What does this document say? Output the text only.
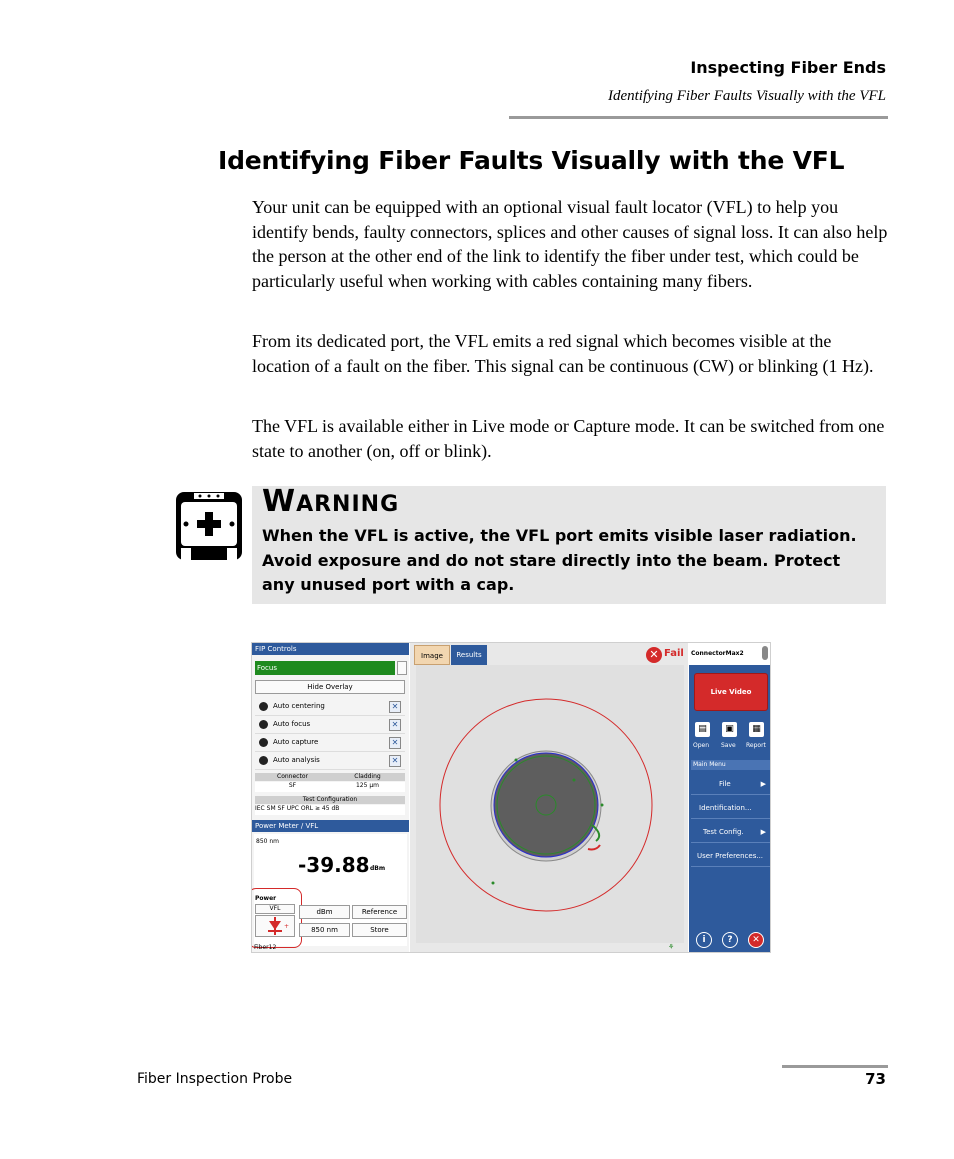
Inspecting Fiber Ends
Identifying Fiber Faults Visually with the VFL
Identifying Fiber Faults Visually with the VFL

Your unit can be equipped with an optional visual fault locator (VFL) to help you identify bends, faulty connectors, splices and other causes of signal loss. It can also help the person at the other end of the link to identify the fiber under test, which could be particularly useful when working with cables containing many fibers.

From its dedicated port, the VFL emits a red signal which becomes visible at the location of a fault on the fiber. This signal can be continuous (CW) or blinking (1 Hz).

The VFL is available either in Live mode or Capture mode. It can be switched from one state to another (on, off or blink).

WARNING
When the VFL is active, the VFL port emits visible laser radiation. Avoid exposure and do not stare directly into the beam. Protect any unused port with a cap.
FIP Controls
Focus
Hide Overlay
Auto centering	✕
Auto focus	✕
Auto capture	✕
Auto analysis	✕
Connector	Cladding
SF	125 µm
Test Configuration
IEC SM SF UPC ORL ≥ 45 dB
Power Meter / VFL
850 nm
-39.88 dBm
Power
VFL
+
dBm	Reference
850 nm	Store
Fiber12
Image	Results	✕ Fail
⚘
ConnectorMax2
Live Video
▤	▣	▦
Open Save Report
Main Menu
File	▶
Identification...
Test Config. ▶
User Preferences...
i	?	✕
Fiber Inspection Probe	73
